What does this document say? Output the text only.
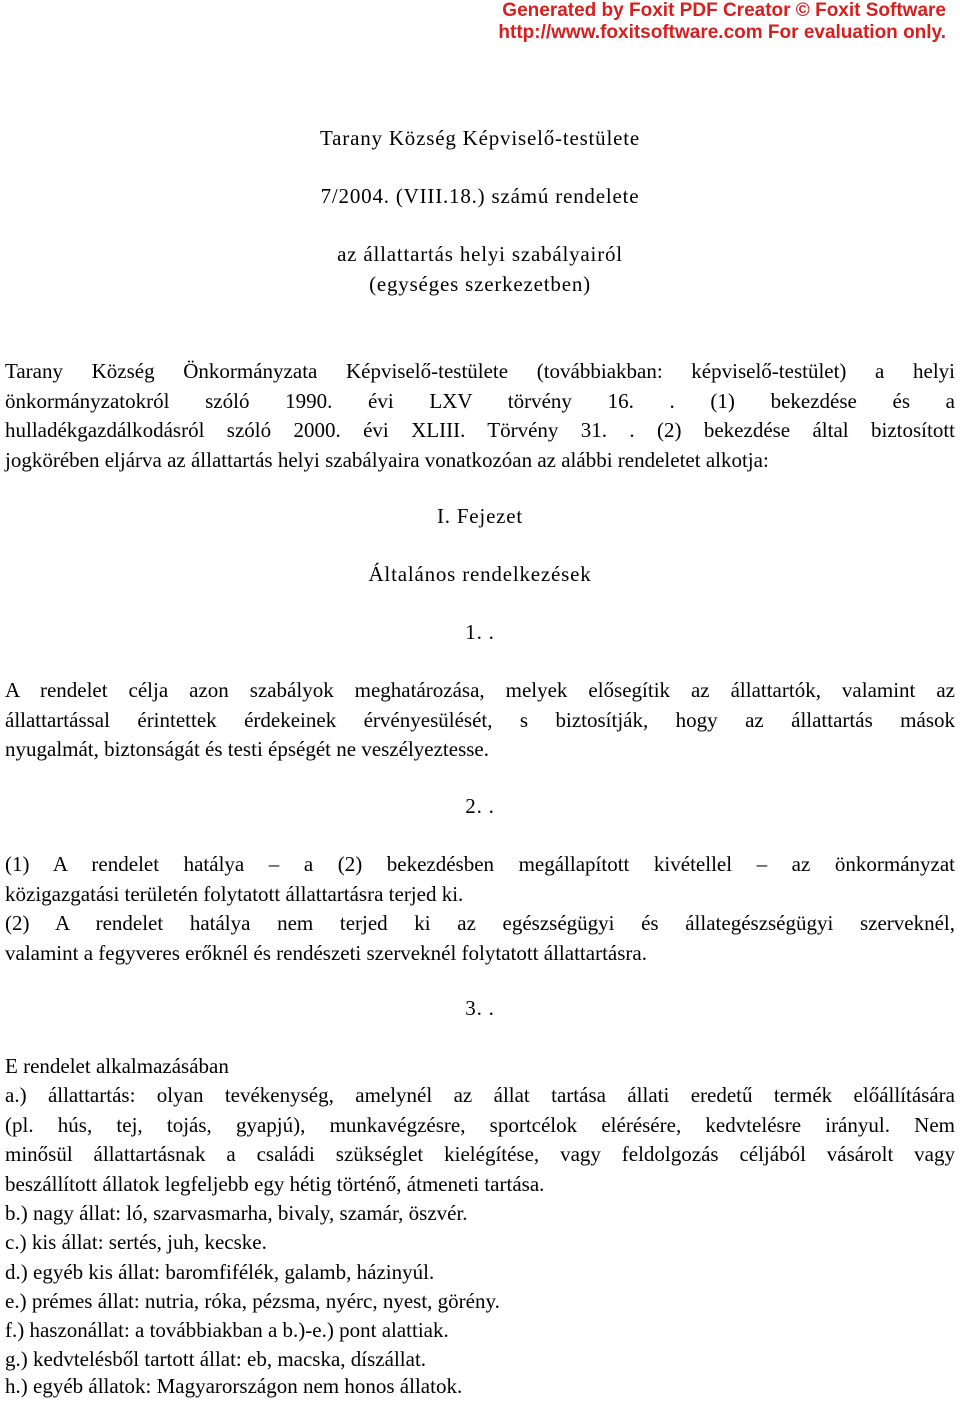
Generated by Foxit PDF Creator © Foxit Software
http://www.foxitsoftware.com For evaluation only.
Tarany Község Képviselő-testülete
7/2004. (VIII.18.) számú rendelete
az állattartás helyi szabályairól
(egységes szerkezetben)
Tarany Község Önkormányzata Képviselő-testülete (továbbiakban: képviselő-testület) a helyi
önkormányzatokról szóló 1990. évi LXV törvény 16. . (1) bekezdése és a
hulladékgazdálkodásról szóló 2000. évi XLIII. Törvény 31. . (2) bekezdése által biztosított
jogkörében eljárva az állattartás helyi szabályaira vonatkozóan az alábbi rendeletet alkotja:
I. Fejezet
Általános rendelkezések
1. .
A rendelet célja azon szabályok meghatározása, melyek elősegítik az állattartók, valamint az
állattartással érintettek érdekeinek érvényesülését, s biztosítják, hogy az állattartás mások
nyugalmát, biztonságát és testi épségét ne veszélyeztesse.
2. .
(1) A rendelet hatálya – a (2) bekezdésben megállapított kivétellel – az önkormányzat
közigazgatási területén folytatott állattartásra terjed ki.
(2) A rendelet hatálya nem terjed ki az egészségügyi és állategészségügyi szerveknél,
valamint a fegyveres erőknél és rendészeti szerveknél folytatott állattartásra.
3. .
E rendelet alkalmazásában
a.) állattartás: olyan tevékenység, amelynél az állat tartása állati eredetű termék előállítására
(pl. hús, tej, tojás, gyapjú), munkavégzésre, sportcélok elérésére, kedvtelésre irányul. Nem
minősül állattartásnak a családi szükséglet kielégítése, vagy feldolgozás céljából vásárolt vagy
beszállított állatok legfeljebb egy hétig történő, átmeneti tartása.
b.) nagy állat: ló, szarvasmarha, bivaly, szamár, öszvér.
c.) kis állat: sertés, juh, kecske.
d.) egyéb kis állat: baromfifélék, galamb, házinyúl.
e.) prémes állat: nutria, róka, pézsma, nyérc, nyest, görény.
f.) haszonállat: a továbbiakban a b.)-e.) pont alattiak.
g.) kedvtelésből tartott állat: eb, macska, díszállat.
h.) egyéb állatok: Magyarországon nem honos állatok.
